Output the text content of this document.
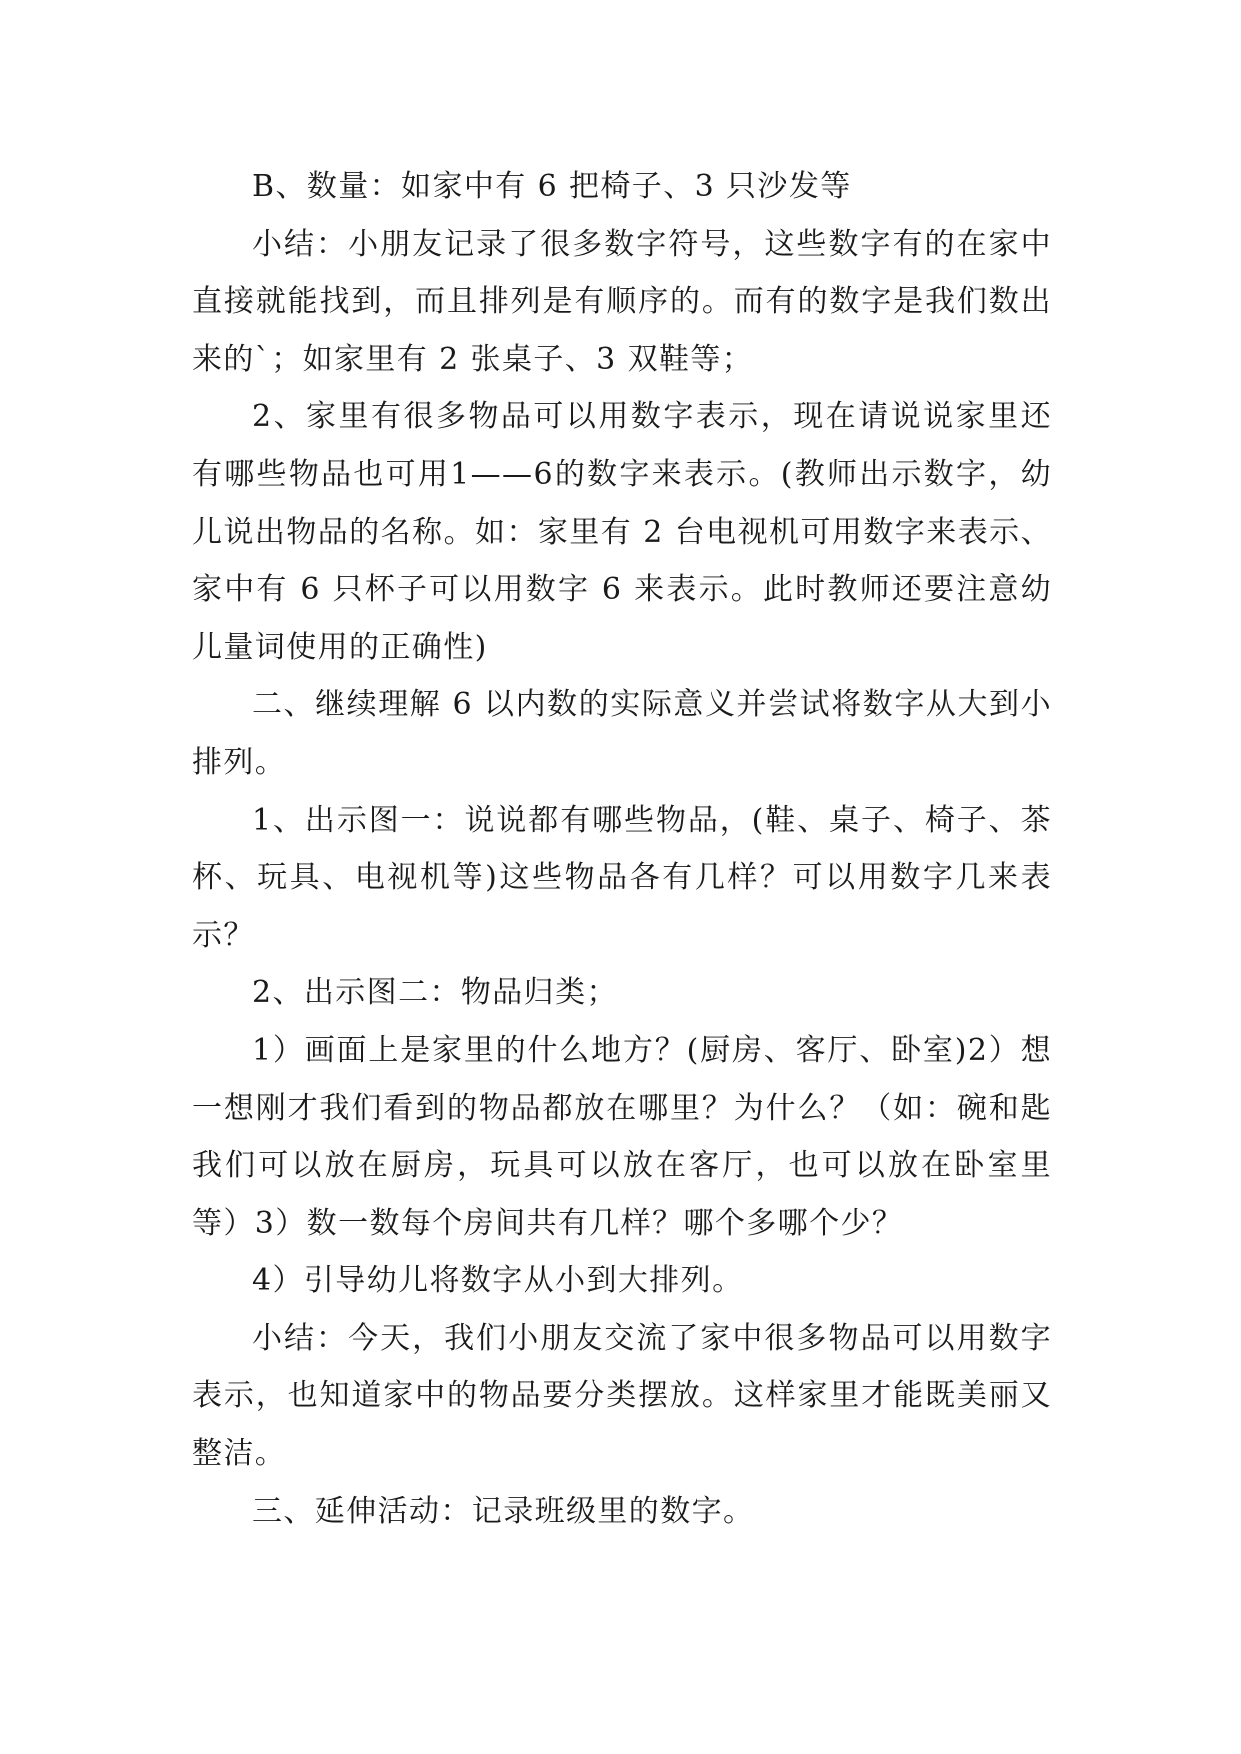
B、数量：如家中有 6 把椅子、3 只沙发等

小结：小朋友记录了很多数字符号，这些数字有的在家中直接就能找到，而且排列是有顺序的。而有的数字是我们数出来的`；如家里有 2 张桌子、3 双鞋等；

2、家里有很多物品可以用数字表示，现在请说说家里还有哪些物品也可用1——6的数字来表示。(教师出示数字，幼儿说出物品的名称。如：家里有 2 台电视机可用数字来表示、家中有 6 只杯子可以用数字 6 来表示。此时教师还要注意幼儿量词使用的正确性)

二、继续理解 6 以内数的实际意义并尝试将数字从大到小排列。

1、出示图一：说说都有哪些物品，(鞋、桌子、椅子、茶杯、玩具、电视机等)这些物品各有几样？可以用数字几来表示？

2、出示图二：物品归类；

1）画面上是家里的什么地方？(厨房、客厅、卧室)2）想一想刚才我们看到的物品都放在哪里？为什么？（如：碗和匙我们可以放在厨房，玩具可以放在客厅，也可以放在卧室里等）3）数一数每个房间共有几样？哪个多哪个少？

4）引导幼儿将数字从小到大排列。

小结：今天，我们小朋友交流了家中很多物品可以用数字表示，也知道家中的物品要分类摆放。这样家里才能既美丽又整洁。

三、延伸活动：记录班级里的数字。
